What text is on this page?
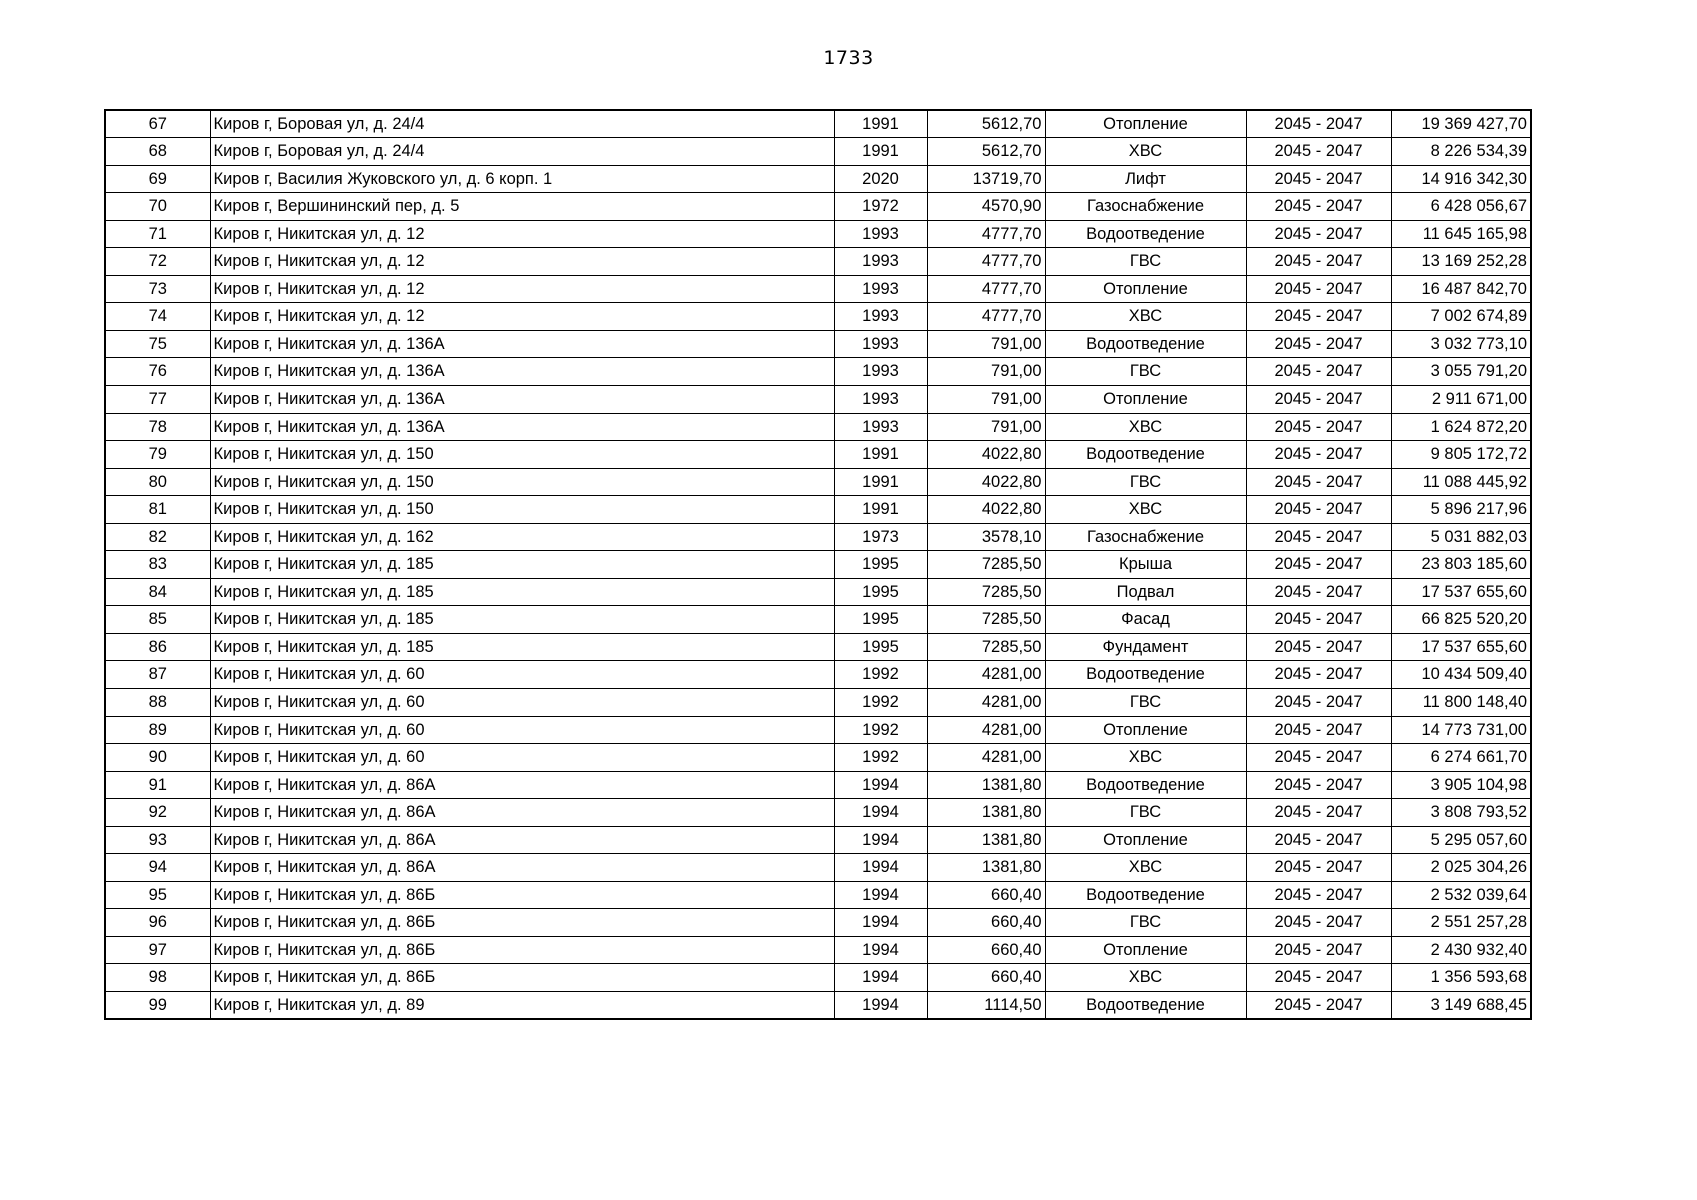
1733
67	Киров г, Боровая ул, д. 24/4	1991	5612,70	Отопление	2045 - 2047	19 369 427,70
68	Киров г, Боровая ул, д. 24/4	1991	5612,70	ХВС	2045 - 2047	8 226 534,39
69	Киров г, Василия Жуковского ул, д. 6 корп. 1	2020	13719,70	Лифт	2045 - 2047	14 916 342,30
70	Киров г, Вершининский пер, д. 5	1972	4570,90	Газоснабжение	2045 - 2047	6 428 056,67
71	Киров г, Никитская ул, д. 12	1993	4777,70	Водоотведение	2045 - 2047	11 645 165,98
72	Киров г, Никитская ул, д. 12	1993	4777,70	ГВС	2045 - 2047	13 169 252,28
73	Киров г, Никитская ул, д. 12	1993	4777,70	Отопление	2045 - 2047	16 487 842,70
74	Киров г, Никитская ул, д. 12	1993	4777,70	ХВС	2045 - 2047	7 002 674,89
75	Киров г, Никитская ул, д. 136А	1993	791,00	Водоотведение	2045 - 2047	3 032 773,10
76	Киров г, Никитская ул, д. 136А	1993	791,00	ГВС	2045 - 2047	3 055 791,20
77	Киров г, Никитская ул, д. 136А	1993	791,00	Отопление	2045 - 2047	2 911 671,00
78	Киров г, Никитская ул, д. 136А	1993	791,00	ХВС	2045 - 2047	1 624 872,20
79	Киров г, Никитская ул, д. 150	1991	4022,80	Водоотведение	2045 - 2047	9 805 172,72
80	Киров г, Никитская ул, д. 150	1991	4022,80	ГВС	2045 - 2047	11 088 445,92
81	Киров г, Никитская ул, д. 150	1991	4022,80	ХВС	2045 - 2047	5 896 217,96
82	Киров г, Никитская ул, д. 162	1973	3578,10	Газоснабжение	2045 - 2047	5 031 882,03
83	Киров г, Никитская ул, д. 185	1995	7285,50	Крыша	2045 - 2047	23 803 185,60
84	Киров г, Никитская ул, д. 185	1995	7285,50	Подвал	2045 - 2047	17 537 655,60
85	Киров г, Никитская ул, д. 185	1995	7285,50	Фасад	2045 - 2047	66 825 520,20
86	Киров г, Никитская ул, д. 185	1995	7285,50	Фундамент	2045 - 2047	17 537 655,60
87	Киров г, Никитская ул, д. 60	1992	4281,00	Водоотведение	2045 - 2047	10 434 509,40
88	Киров г, Никитская ул, д. 60	1992	4281,00	ГВС	2045 - 2047	11 800 148,40
89	Киров г, Никитская ул, д. 60	1992	4281,00	Отопление	2045 - 2047	14 773 731,00
90	Киров г, Никитская ул, д. 60	1992	4281,00	ХВС	2045 - 2047	6 274 661,70
91	Киров г, Никитская ул, д. 86А	1994	1381,80	Водоотведение	2045 - 2047	3 905 104,98
92	Киров г, Никитская ул, д. 86А	1994	1381,80	ГВС	2045 - 2047	3 808 793,52
93	Киров г, Никитская ул, д. 86А	1994	1381,80	Отопление	2045 - 2047	5 295 057,60
94	Киров г, Никитская ул, д. 86А	1994	1381,80	ХВС	2045 - 2047	2 025 304,26
95	Киров г, Никитская ул, д. 86Б	1994	660,40	Водоотведение	2045 - 2047	2 532 039,64
96	Киров г, Никитская ул, д. 86Б	1994	660,40	ГВС	2045 - 2047	2 551 257,28
97	Киров г, Никитская ул, д. 86Б	1994	660,40	Отопление	2045 - 2047	2 430 932,40
98	Киров г, Никитская ул, д. 86Б	1994	660,40	ХВС	2045 - 2047	1 356 593,68
99	Киров г, Никитская ул, д. 89	1994	1114,50	Водоотведение	2045 - 2047	3 149 688,45
